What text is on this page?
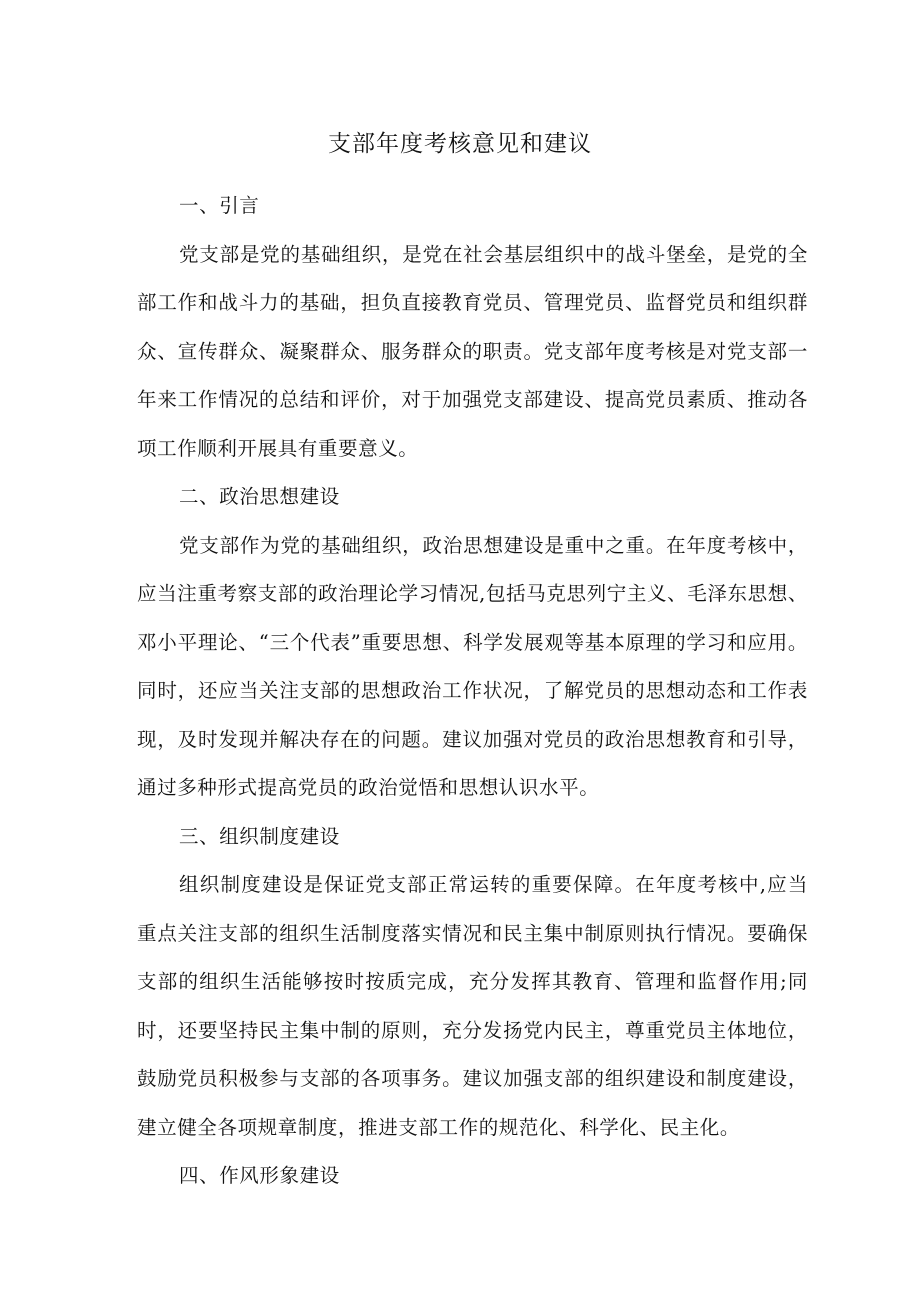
支部年度考核意见和建议
一、引言

党支部是党的基础组织，是党在社会基层组织中的战斗堡垒，是党的全部工作和战斗力的基础，担负直接教育党员、管理党员、监督党员和组织群众、宣传群众、凝聚群众、服务群众的职责。党支部年度考核是对党支部一年来工作情况的总结和评价，对于加强党支部建设、提高党员素质、推动各项工作顺利开展具有重要意义。

二、政治思想建设

党支部作为党的基础组织，政治思想建设是重中之重。在年度考核中，应当注重考察支部的政治理论学习情况,包括马克思列宁主义、毛泽东思想、邓小平理论、“三个代表”重要思想、科学发展观等基本原理的学习和应用。同时，还应当关注支部的思想政治工作状况，了解党员的思想动态和工作表现，及时发现并解决存在的问题。建议加强对党员的政治思想教育和引导，通过多种形式提高党员的政治觉悟和思想认识水平。

三、组织制度建设

组织制度建设是保证党支部正常运转的重要保障。在年度考核中,应当重点关注支部的组织生活制度落实情况和民主集中制原则执行情况。要确保支部的组织生活能够按时按质完成，充分发挥其教育、管理和监督作用;同时，还要坚持民主集中制的原则，充分发扬党内民主，尊重党员主体地位，鼓励党员积极参与支部的各项事务。建议加强支部的组织建设和制度建设，建立健全各项规章制度，推进支部工作的规范化、科学化、民主化。

四、作风形象建设
